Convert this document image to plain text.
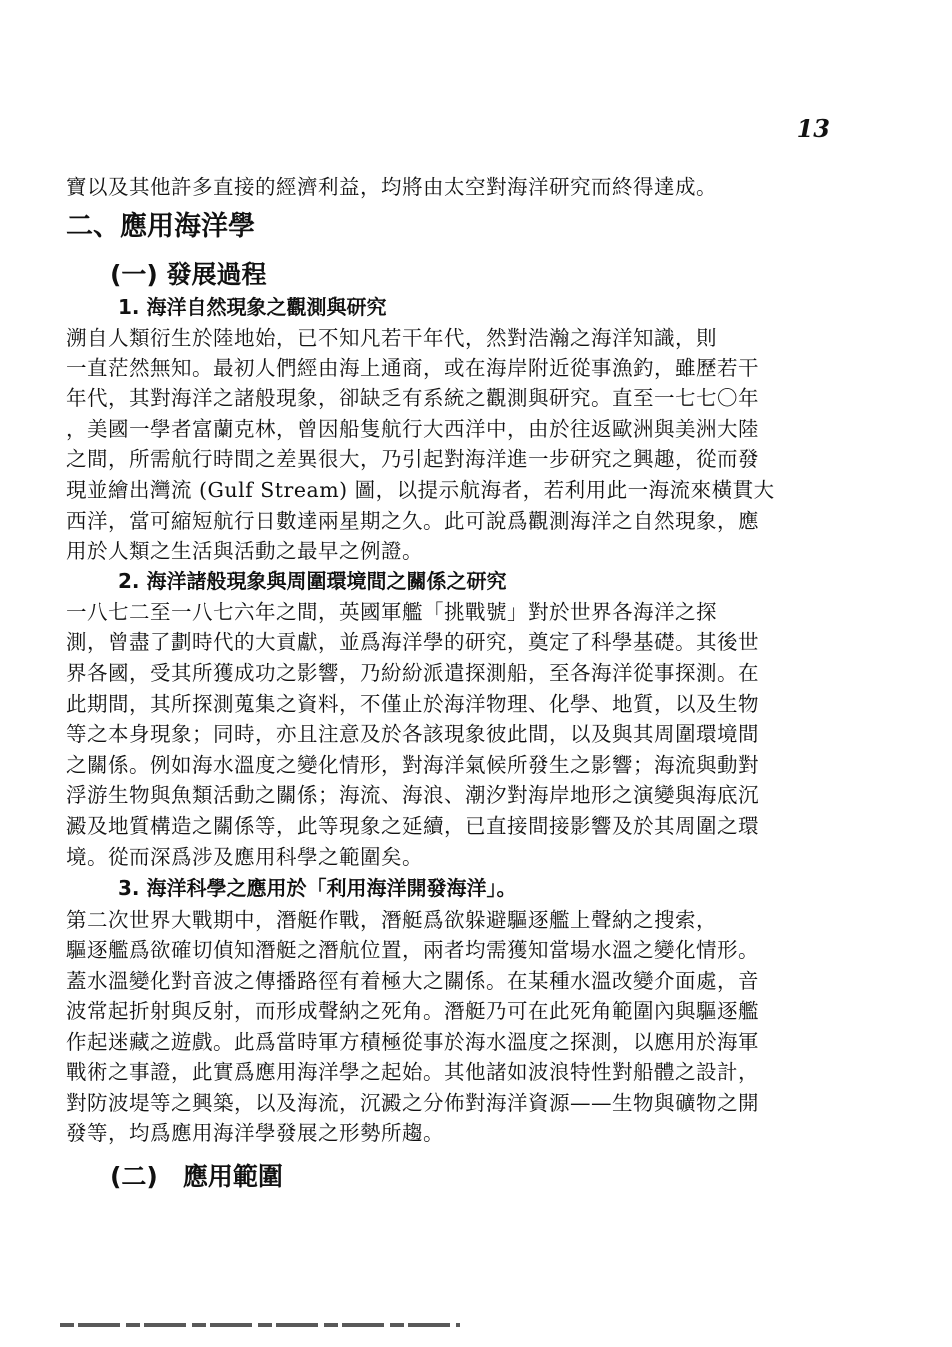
13
寶以及其他許多直接的經濟利益，均將由太空對海洋研究而終得達成。
二、應用海洋學
(一) 發展過程
1. 海洋自然現象之觀測與研究
溯自人類衍生於陸地始，已不知凡若干年代，然對浩瀚之海洋知識，則
一直茫然無知。最初人們經由海上通商，或在海岸附近從事漁釣，雖歷若干
年代，其對海洋之諸般現象，卻缺乏有系統之觀測與研究。直至一七七〇年
，美國一學者富蘭克林，曾因船隻航行大西洋中，由於往返歐洲與美洲大陸
之間，所需航行時間之差異很大，乃引起對海洋進一步研究之興趣，從而發
現並繪出灣流 (Gulf Stream) 圖，以提示航海者，若利用此一海流來橫貫大
西洋，當可縮短航行日數達兩星期之久。此可說爲觀測海洋之自然現象，應
用於人類之生活與活動之最早之例證。
2. 海洋諸般現象與周圍環境間之關係之研究
一八七二至一八七六年之間，英國軍艦「挑戰號」對於世界各海洋之探
測，曾盡了劃時代的大貢獻，並爲海洋學的研究，奠定了科學基礎。其後世
界各國，受其所獲成功之影響，乃紛紛派遣探測船，至各海洋從事探測。在
此期間，其所探測蒐集之資料，不僅止於海洋物理、化學、地質，以及生物
等之本身現象；同時，亦且注意及於各該現象彼此間，以及與其周圍環境間
之關係。例如海水溫度之變化情形，對海洋氣候所發生之影響；海流與動對
浮游生物與魚類活動之關係；海流、海浪、潮汐對海岸地形之演變與海底沉
澱及地質構造之關係等，此等現象之延續，已直接間接影響及於其周圍之環
境。從而深爲涉及應用科學之範圍矣。
3. 海洋科學之應用於「利用海洋開發海洋」。
第二次世界大戰期中，潛艇作戰，潛艇爲欲躲避驅逐艦上聲納之搜索，
驅逐艦爲欲確切偵知潛艇之潛航位置，兩者均需獲知當場水溫之變化情形。
蓋水溫變化對音波之傳播路徑有着極大之關係。在某種水溫改變介面處，音
波常起折射與反射，而形成聲納之死角。潛艇乃可在此死角範圍內與驅逐艦
作起迷藏之遊戲。此爲當時軍方積極從事於海水溫度之探測，以應用於海軍
戰術之事證，此實爲應用海洋學之起始。其他諸如波浪特性對船體之設計，
對防波堤等之興築，以及海流，沉澱之分佈對海洋資源——生物與礦物之開
發等，均爲應用海洋學發展之形勢所趨。
(二)　應用範圍
